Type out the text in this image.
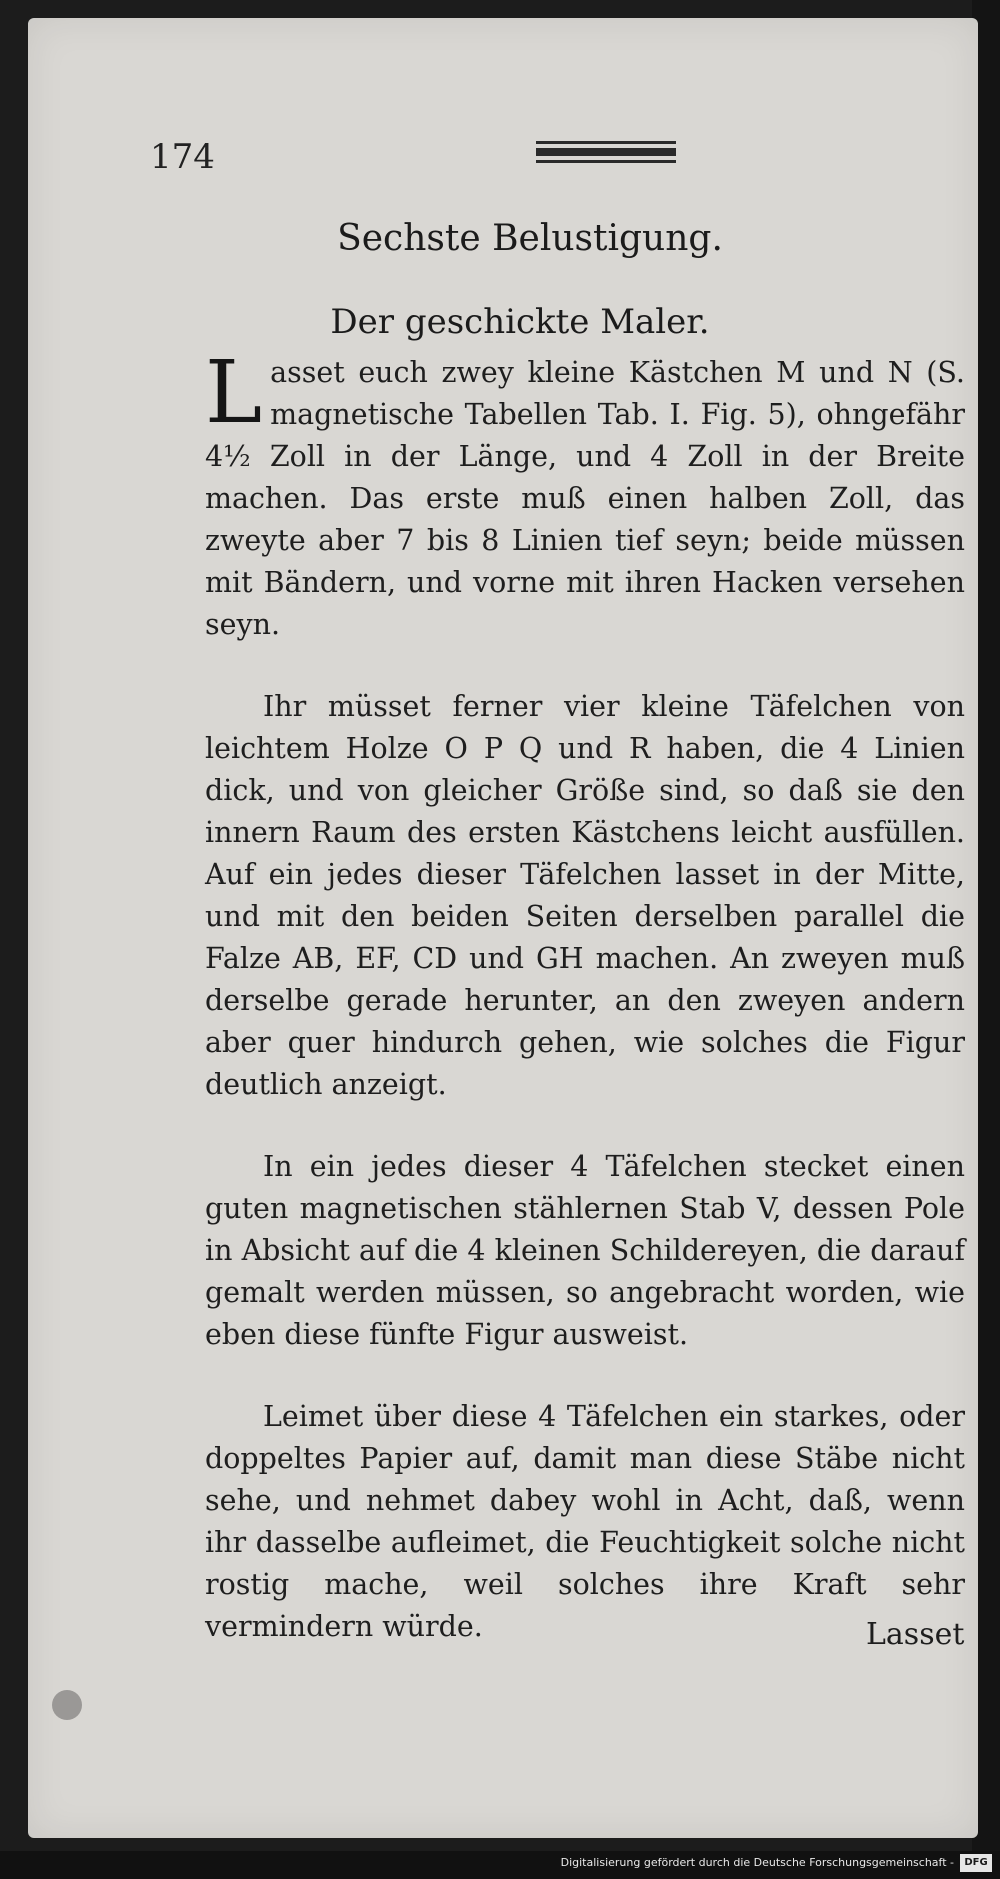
174
Sechste Belustigung.
Der geschickte Maler.

Lasset euch zwey kleine Kästchen M und N (S. magnetische Tabellen Tab. I. Fig. 5), ohngefähr 4½ Zoll in der Länge, und 4 Zoll in der Breite machen. Das erste muß einen halben Zoll, das zweyte aber 7 bis 8 Linien tief seyn; beide müssen mit Bändern, und vorne mit ihren Hacken versehen seyn.

Ihr müsset ferner vier kleine Täfelchen von leichtem Holze O P Q und R haben, die 4 Linien dick, und von gleicher Größe sind, so daß sie den innern Raum des ersten Kästchens leicht ausfüllen. Auf ein jedes dieser Täfelchen lasset in der Mitte, und mit den beiden Seiten derselben parallel die Falze AB, EF, CD und GH machen. An zweyen muß derselbe gerade herunter, an den zweyen andern aber quer hindurch gehen, wie solches die Figur deutlich anzeigt.

In ein jedes dieser 4 Täfelchen stecket einen guten magnetischen stählernen Stab V, dessen Pole in Absicht auf die 4 kleinen Schildereyen, die darauf gemalt werden müssen, so angebracht worden, wie eben diese fünfte Figur ausweist.

Leimet über diese 4 Täfelchen ein starkes, oder doppeltes Papier auf, damit man diese Stäbe nicht sehe, und nehmet dabey wohl in Acht, daß, wenn ihr dasselbe aufleimet, die Feuchtigkeit solche nicht rostig mache, weil solches ihre Kraft sehr vermindern würde.	Lasset
Digitalisierung gefördert durch die Deutsche Forschungsgemeinschaft -	DFG
